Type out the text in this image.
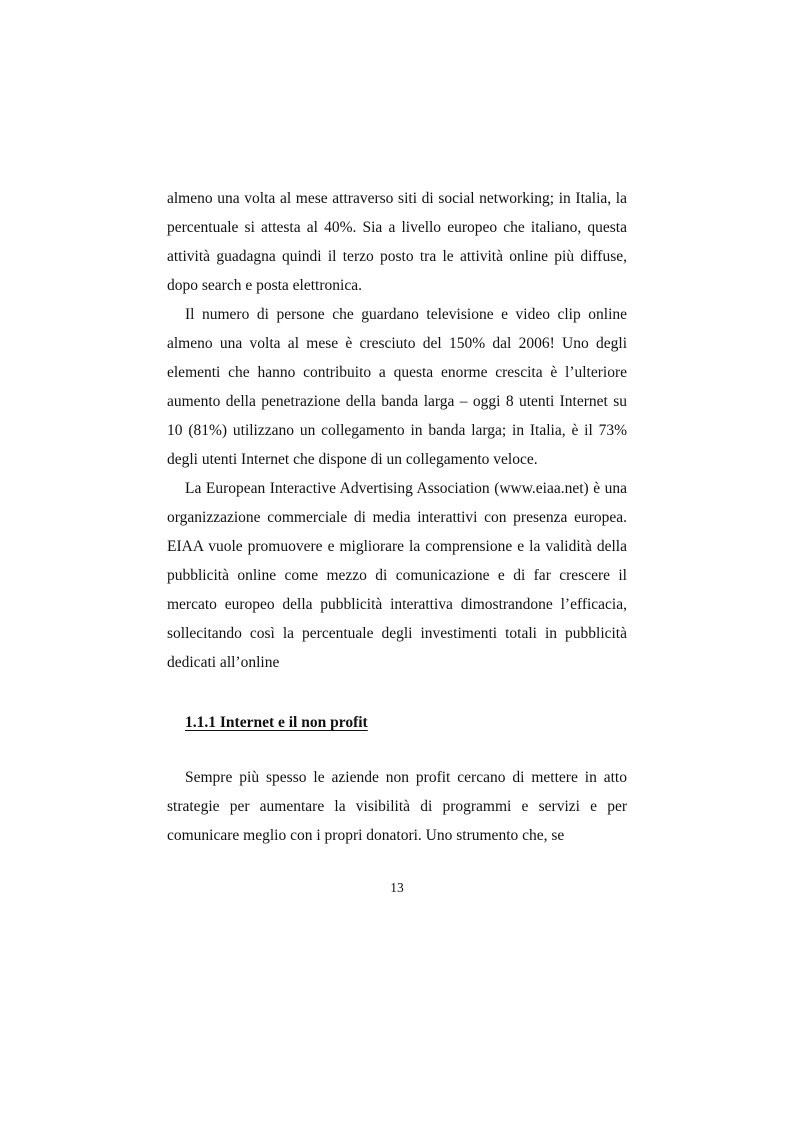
almeno una volta al mese attraverso siti di social networking; in Italia, la percentuale si attesta al 40%. Sia a livello europeo che italiano, questa attività guadagna quindi il terzo posto tra le attività online più diffuse, dopo search e posta elettronica.

Il numero di persone che guardano televisione e video clip online almeno una volta al mese è cresciuto del 150% dal 2006! Uno degli elementi che hanno contribuito a questa enorme crescita è l’ulteriore aumento della penetrazione della banda larga – oggi 8 utenti Internet su 10 (81%) utilizzano un collegamento in banda larga; in Italia, è il 73% degli utenti Internet che dispone di un collegamento veloce.

La European Interactive Advertising Association (www.eiaa.net) è una organizzazione commerciale di media interattivi con presenza europea. EIAA vuole promuovere e migliorare la comprensione e la validità della pubblicità online come mezzo di comunicazione e di far crescere il mercato europeo della pubblicità interattiva dimostrandone l’efficacia, sollecitando così la percentuale degli investimenti totali in pubblicità dedicati all’online

1.1.1 Internet e il non profit

Sempre più spesso le aziende non profit cercano di mettere in atto strategie per aumentare la visibilità di programmi e servizi e per comunicare meglio con i propri donatori. Uno strumento che, se

13
